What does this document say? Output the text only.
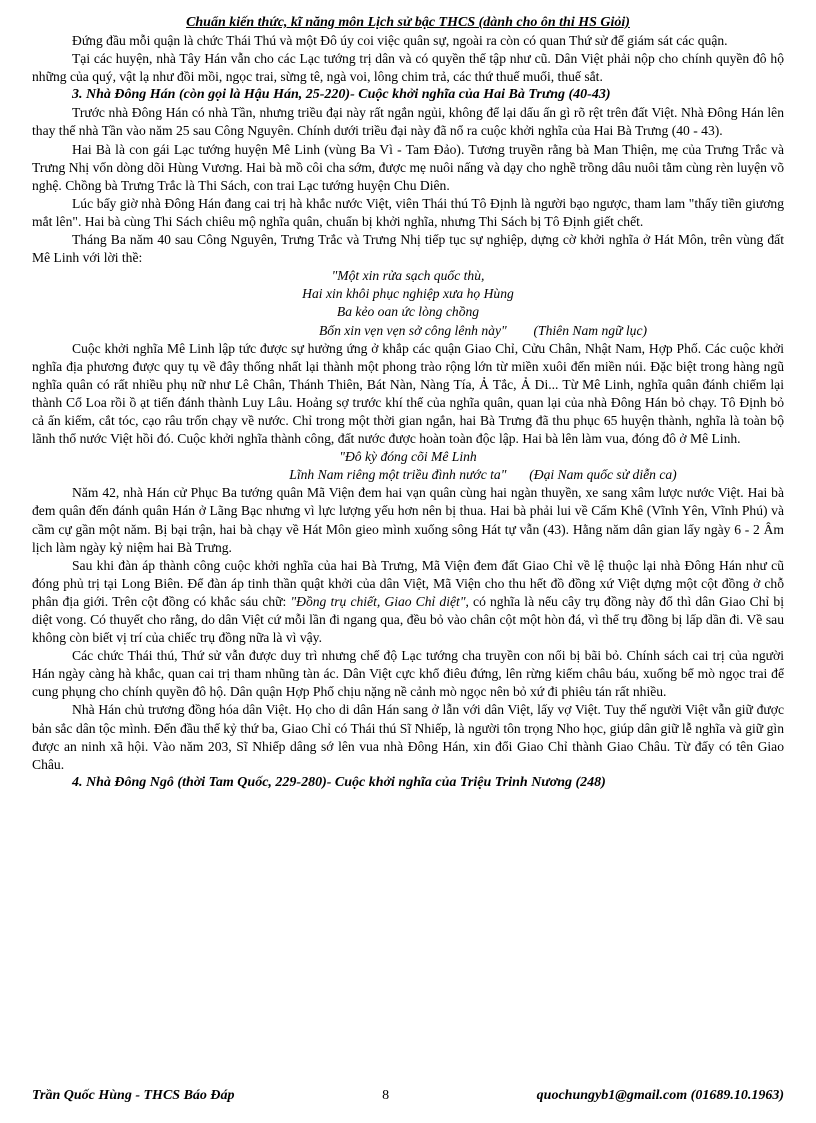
Chuẩn kiến thức, kĩ năng môn Lịch sử bậc THCS (dành cho ôn thi HS Giỏi)

Đứng đầu mỗi quận là chức Thái Thú và một Đô úy coi việc quân sự, ngoài ra còn có quan Thứ sử để giám sát các quận.

Tại các huyện, nhà Tây Hán vẫn cho các Lạc tướng trị dân và có quyền thế tập như cũ. Dân Việt phải nộp cho chính quyền đô hộ những của quý, vật lạ như đồi mồi, ngọc trai, sừng tê, ngà voi, lông chim trả, các thứ thuế muối, thuế sắt.

3. Nhà Đông Hán (còn gọi là Hậu Hán, 25-220)- Cuộc khởi nghĩa của Hai Bà Trưng (40-43)

Trước nhà Đông Hán có nhà Tần, nhưng triều đại này rất ngắn ngủi, không để lại dấu ấn gì rõ rệt trên đất Việt. Nhà Đông Hán lên thay thế nhà Tần vào năm 25 sau Công Nguyên. Chính dưới triều đại này đã nổ ra cuộc khởi nghĩa của Hai Bà Trưng (40 - 43).

Hai Bà là con gái Lạc tướng huyện Mê Linh (vùng Ba Vì - Tam Đảo). Tương truyền rằng bà Man Thiện, mẹ của Trưng Trắc và Trưng Nhị vốn dòng dõi Hùng Vương. Hai bà mồ côi cha sớm, được mẹ nuôi nấng và dạy cho nghề trồng dâu nuôi tằm cùng rèn luyện võ nghệ. Chồng bà Trưng Trắc là Thi Sách, con trai Lạc tướng huyện Chu Diên.

Lúc bấy giờ nhà Đông Hán đang cai trị hà khắc nước Việt, viên Thái thú Tô Định là người bạo ngược, tham lam "thấy tiền giương mắt lên". Hai bà cùng Thi Sách chiêu mộ nghĩa quân, chuẩn bị khởi nghĩa, nhưng Thi Sách bị Tô Định giết chết.

Tháng Ba năm 40 sau Công Nguyên, Trưng Trắc và Trưng Nhị tiếp tục sự nghiệp, dựng cờ khởi nghĩa ở Hát Môn, trên vùng đất Mê Linh với lời thề:

"Một xin rửa sạch quốc thù,
Hai xin khôi phục nghiệp xưa họ Hùng
Ba kẻo oan ức lòng chồng
Bốn xin vẹn vẹn sở công lênh này" (Thiên Nam ngữ lục)

Cuộc khởi nghĩa Mê Linh lập tức được sự hưởng ứng ở khắp các quận Giao Chỉ, Cửu Chân, Nhật Nam, Hợp Phố. Các cuộc khởi nghĩa địa phương được quy tụ về đây thống nhất lại thành một phong trào rộng lớn từ miền xuôi đến miền núi. Đặc biệt trong hàng ngũ nghĩa quân có rất nhiều phụ nữ như Lê Chân, Thánh Thiên, Bát Nàn, Nàng Tía, Ả Tắc, Ả Di... Từ Mê Linh, nghĩa quân đánh chiếm lại thành Cổ Loa rồi ồ ạt tiến đánh thành Luy Lâu. Hoảng sợ trước khí thế của nghĩa quân, quan lại của nhà Đông Hán bỏ chạy. Tô Định bỏ cả ấn kiếm, cắt tóc, cạo râu trốn chạy về nước. Chỉ trong một thời gian ngắn, hai Bà Trưng đã thu phục 65 huyện thành, nghĩa là toàn bộ lãnh thổ nước Việt hồi đó. Cuộc khởi nghĩa thành công, đất nước được hoàn toàn độc lập. Hai bà lên làm vua, đóng đô ở Mê Linh.

"Đô kỳ đóng cõi Mê Linh
Lĩnh Nam riêng một triều đình nước ta" (Đại Nam quốc sử diễn ca)

Năm 42, nhà Hán cử Phục Ba tướng quân Mã Viện đem hai vạn quân cùng hai ngàn thuyền, xe sang xâm lược nước Việt. Hai bà đem quân đến đánh quân Hán ở Lãng Bạc nhưng vì lực lượng yếu hơn nên bị thua. Hai bà phải lui về Cấm Khê (Vĩnh Yên, Vĩnh Phú) và cầm cự gần một năm. Bị bại trận, hai bà chạy về Hát Môn gieo mình xuống sông Hát tự vẫn (43). Hằng năm dân gian lấy ngày 6 - 2 Âm lịch làm ngày kỷ niệm hai Bà Trưng.

Sau khi đàn áp thành công cuộc khởi nghĩa của hai Bà Trưng, Mã Viện đem đất Giao Chỉ về lệ thuộc lại nhà Đông Hán như cũ đóng phủ trị tại Long Biên. Để đàn áp tinh thần quật khởi của dân Việt, Mã Viện cho thu hết đồ đồng xứ Việt dựng một cột đồng ở chỗ phân địa giới. Trên cột đồng có khắc sáu chữ: "Đồng trụ chiết, Giao Chỉ diệt", có nghĩa là nếu cây trụ đồng này đổ thì dân Giao Chỉ bị diệt vong. Có thuyết cho rằng, do dân Việt cứ mỗi lần đi ngang qua, đều bỏ vào chân cột một hòn đá, vì thế trụ đồng bị lấp dần đi. Về sau không còn biết vị trí của chiếc trụ đồng nữa là vì vậy.

Các chức Thái thú, Thứ sử vẫn được duy trì nhưng chế độ Lạc tướng cha truyền con nối bị bãi bỏ. Chính sách cai trị của người Hán ngày càng hà khắc, quan cai trị tham nhũng tàn ác. Dân Việt cực khổ điêu đứng, lên rừng kiếm châu báu, xuống bể mò ngọc trai để cung phụng cho chính quyền đô hộ. Dân quận Hợp Phố chịu nặng nề cảnh mò ngọc nên bỏ xứ đi phiêu tán rất nhiều.

Nhà Hán chủ trương đồng hóa dân Việt. Họ cho di dân Hán sang ở lẫn với dân Việt, lấy vợ Việt. Tuy thế người Việt vẫn giữ được bản sắc dân tộc mình. Đến đầu thế kỷ thứ ba, Giao Chỉ có Thái thú Sĩ Nhiếp, là người tôn trọng Nho học, giúp dân giữ lễ nghĩa và giữ gìn được an ninh xã hội. Vào năm 203, Sĩ Nhiếp dâng sớ lên vua nhà Đông Hán, xin đổi Giao Chỉ thành Giao Châu. Từ đấy có tên Giao Châu.

4. Nhà Đông Ngô (thời Tam Quốc, 229-280)- Cuộc khởi nghĩa của Triệu Trinh Nương (248)

Trần Quốc Hùng - THCS Báo Đáp	8	quochungyb1@gmail.com (01689.10.1963)
